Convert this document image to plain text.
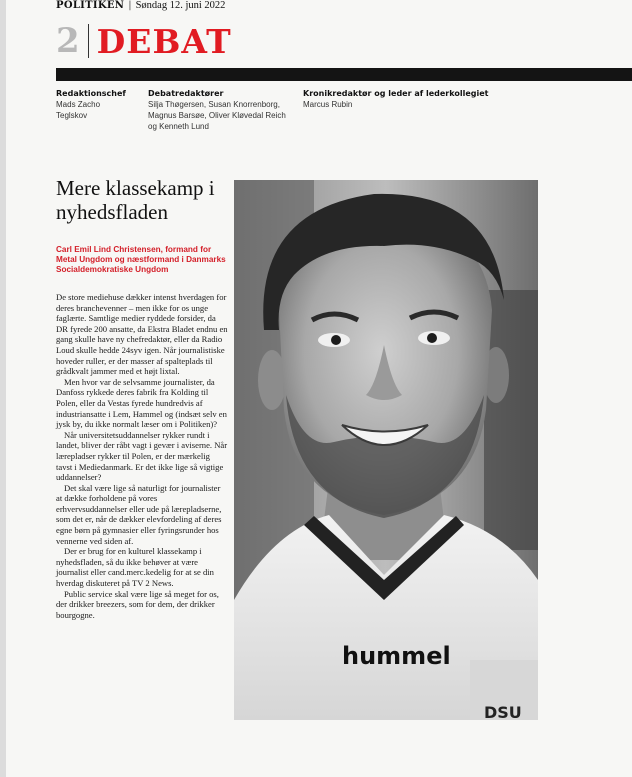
POLITIKEN | Søndag 12. juni 2022
2 DEBAT
Redaktionschef
Mads Zacho
Teglskov
Debatredaktører
Silja Thøgersen, Susan Knorrenborg,
Magnus Barsøe, Oliver Kløvedal Reich
og Kenneth Lund
Kronikredaktør og leder af lederkollegiet
Marcus Rubin
Mere klassekamp i nyhedsfladen
Carl Emil Lind Christensen, formand for Metal Ungdom og næstformand i Danmarks Socialdemokratiske Ungdom

De store mediehuse dækker intenst hverdagen for deres branchevenner – men ikke for os unge faglærte. Samtlige medier ryddede forsider, da DR fyrede 200 ansatte, da Ekstra Bladet endnu en gang skulle have ny chefredaktør, eller da Radio Loud skulle hedde 24syv igen. Når journalistiske hoveder ruller, er der masser af spalteplads til grådkvalt jammer med et højt lixtal.

Men hvor var de selvsamme journalister, da Danfoss rykkede deres fabrik fra Kolding til Polen, eller da Vestas fyrede hundredvis af industriansatte i Lem, Hammel og (indsæt selv en jysk by, du ikke normalt læser om i Politiken)?

Når universitetsuddannelser rykker rundt i landet, bliver der råbt vagt i gevær i aviserne. Når lærepladser rykker til Polen, er der mærkelig tavst i Mediedanmark. Er det ikke lige så vigtige uddannelser?

Det skal være lige så naturligt for journalister at dække forholdene på vores erhvervsuddannelser eller ude på lærepladserne, som det er, når de dækker elevfordeling af deres egne børn på gymnasier eller fyringsrunder hos vennerne ved siden af.

Der er brug for en kulturel klassekamp i nyhedsfladen, så du ikke behøver at være journalist eller cand.merc.kedelig for at se din hverdag diskuteret på TV 2 News.

Public service skal være lige så meget for os, der drikker breezers, som for dem, der drikker bourgogne.

hummel
DSU
